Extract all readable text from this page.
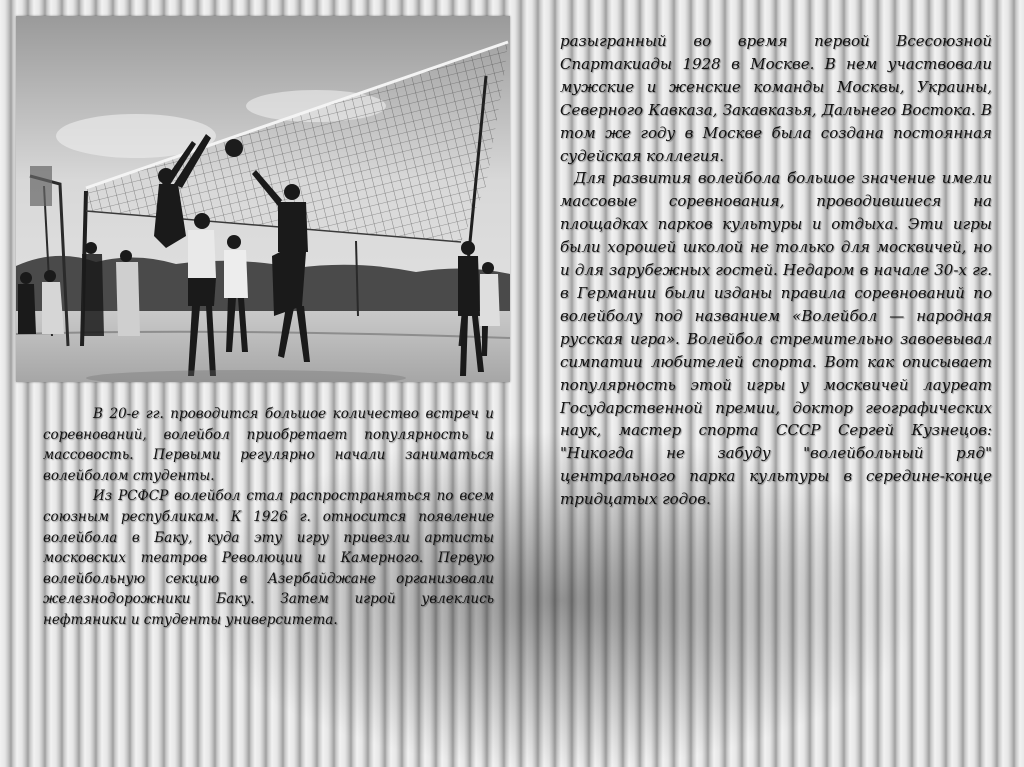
разыгранный во время первой Всесоюзной Спартакиады 1928 в Москве. В нем участвовали мужские и женские команды Москвы, Украины, Северного Кавказа, Закавказья, Дальнего Востока. В том же году в Москве была создана постоянная судейская коллегия.

Для развития волейбола большое значение имели массовые соревнования, проводившиеся на площадках парков культуры и отдыха. Эти игры были хорошей школой не только для москвичей, но и для зарубежных гостей. Недаром в начале 30-х гг. в Германии были изданы правила соревнований по волейболу под названием «Волейбол — народная русская игра». Волейбол стремительно завоевывал симпатии любителей спорта. Вот как описывает популярность этой игры у москвичей лауреат Государственной премии, доктор географических наук, мастер спорта СССР Сергей Кузнецов: "Никогда не забуду "волейбольный ряд" центрального парка культуры в середине-конце тридцатых годов.

В 20-е гг. проводится большое количество встреч и соревнований, волейбол приобретает популярность и массовость. Первыми регулярно начали заниматься волейболом студенты.

Из РСФСР волейбол стал распространяться по всем союзным республикам. К 1926 г. относится появление волейбола в Баку, куда эту игру привезли артисты московских театров Революции и Камерного. Первую волейбольную секцию в Азербайджане организовали железнодорожники Баку. Затем игрой увлеклись нефтяники и студенты университета.
